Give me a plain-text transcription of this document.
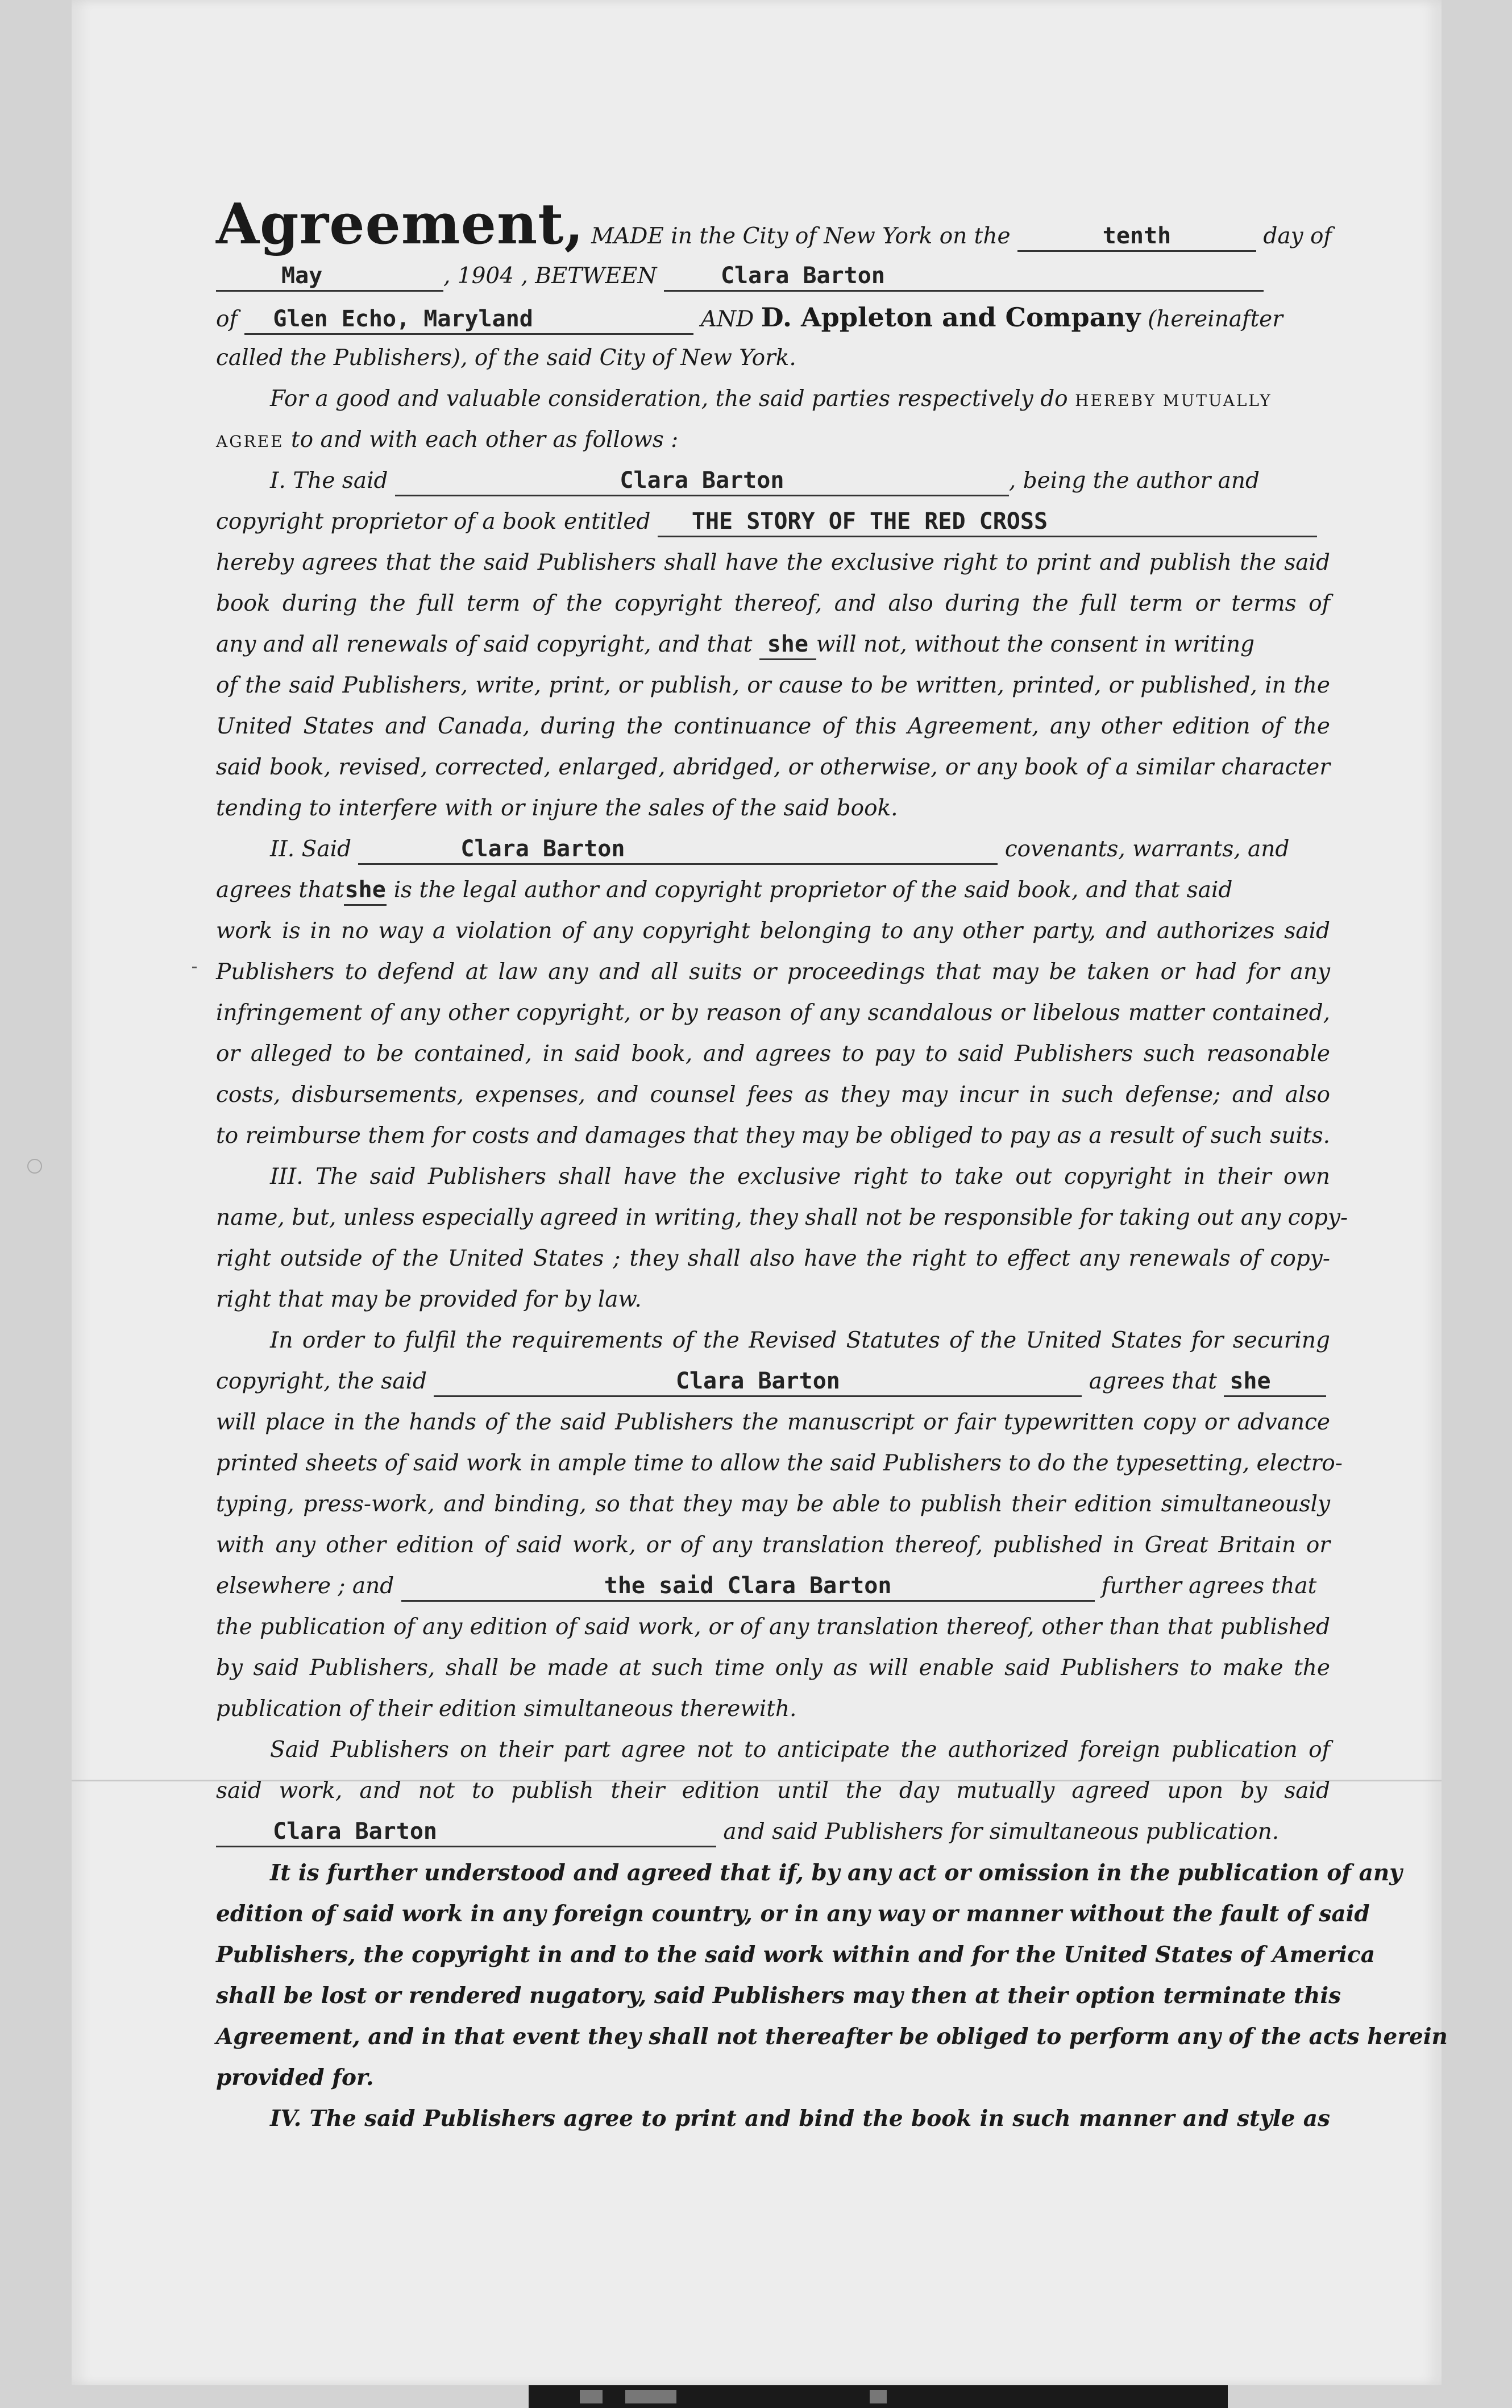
Agreement, MADE in the City of New York on the	tenth	day of
May	, 1904 , BETWEEN	Clara Barton
of Glen Echo, Maryland	AND D. Appleton and Company (hereinafter
called the Publishers), of the said City of New York.
For a good and valuable consideration, the said parties respectively do HEREBY MUTUALLY
AGREE to and with each other as follows :
I. The said	Clara Barton	, being the author and
copyright proprietor of a book entitled THE STORY OF THE RED CROSS
hereby agrees that the said Publishers shall have the exclusive right to print and publish the said
book during the full term of the copyright thereof, and also during the full term or terms of
any and all renewals of said copyright, and that she will not, without the consent in writing
of the said Publishers, write, print, or publish, or cause to be written, printed, or published, in the
United States and Canada, during the continuance of this Agreement, any other edition of the
said book, revised, corrected, enlarged, abridged, or otherwise, or any book of a similar character
tending to interfere with or injure the sales of the said book.
II. Said	Clara Barton	covenants, warrants, and
agrees thatshe is the legal author and copyright proprietor of the said book, and that said
work is in no way a violation of any copyright belonging to any other party, and authorizes said
Publishers to defend at law any and all suits or proceedings that may be taken or had for any
infringement of any other copyright, or by reason of any scandalous or libelous matter contained,
or alleged to be contained, in said book, and agrees to pay to said Publishers such reasonable
costs, disbursements, expenses, and counsel fees as they may incur in such defense; and also
to reimburse them for costs and damages that they may be obliged to pay as a result of such suits.
III. The said Publishers shall have the exclusive right to take out copyright in their own
name, but, unless especially agreed in writing, they shall not be responsible for taking out any copy-
right outside of the United States ; they shall also have the right to effect any renewals of copy-
right that may be provided for by law.
In order to fulfil the requirements of the Revised Statutes of the United States for securing
copyright, the said	Clara Barton	agrees that she
will place in the hands of the said Publishers the manuscript or fair typewritten copy or advance
printed sheets of said work in ample time to allow the said Publishers to do the typesetting, electro-
typing, press-work, and binding, so that they may be able to publish their edition simultaneously
with any other edition of said work, or of any translation thereof, published in Great Britain or
elsewhere ; and	the said Clara Barton	further agrees that
the publication of any edition of said work, or of any translation thereof, other than that published
by said Publishers, shall be made at such time only as will enable said Publishers to make the
publication of their edition simultaneous therewith.
Said Publishers on their part agree not to anticipate the authorized foreign publication of
said work, and not to publish their edition until the day mutually agreed upon by said
Clara Barton	and said Publishers for simultaneous publication.
It is further understood and agreed that if, by any act or omission in the publication of any
edition of said work in any foreign country, or in any way or manner without the fault of said
Publishers, the copyright in and to the said work within and for the United States of America
shall be lost or rendered nugatory, said Publishers may then at their option terminate this
Agreement, and in that event they shall not thereafter be obliged to perform any of the acts herein
provided for.
IV. The said Publishers agree to print and bind the book in such manner and style as
